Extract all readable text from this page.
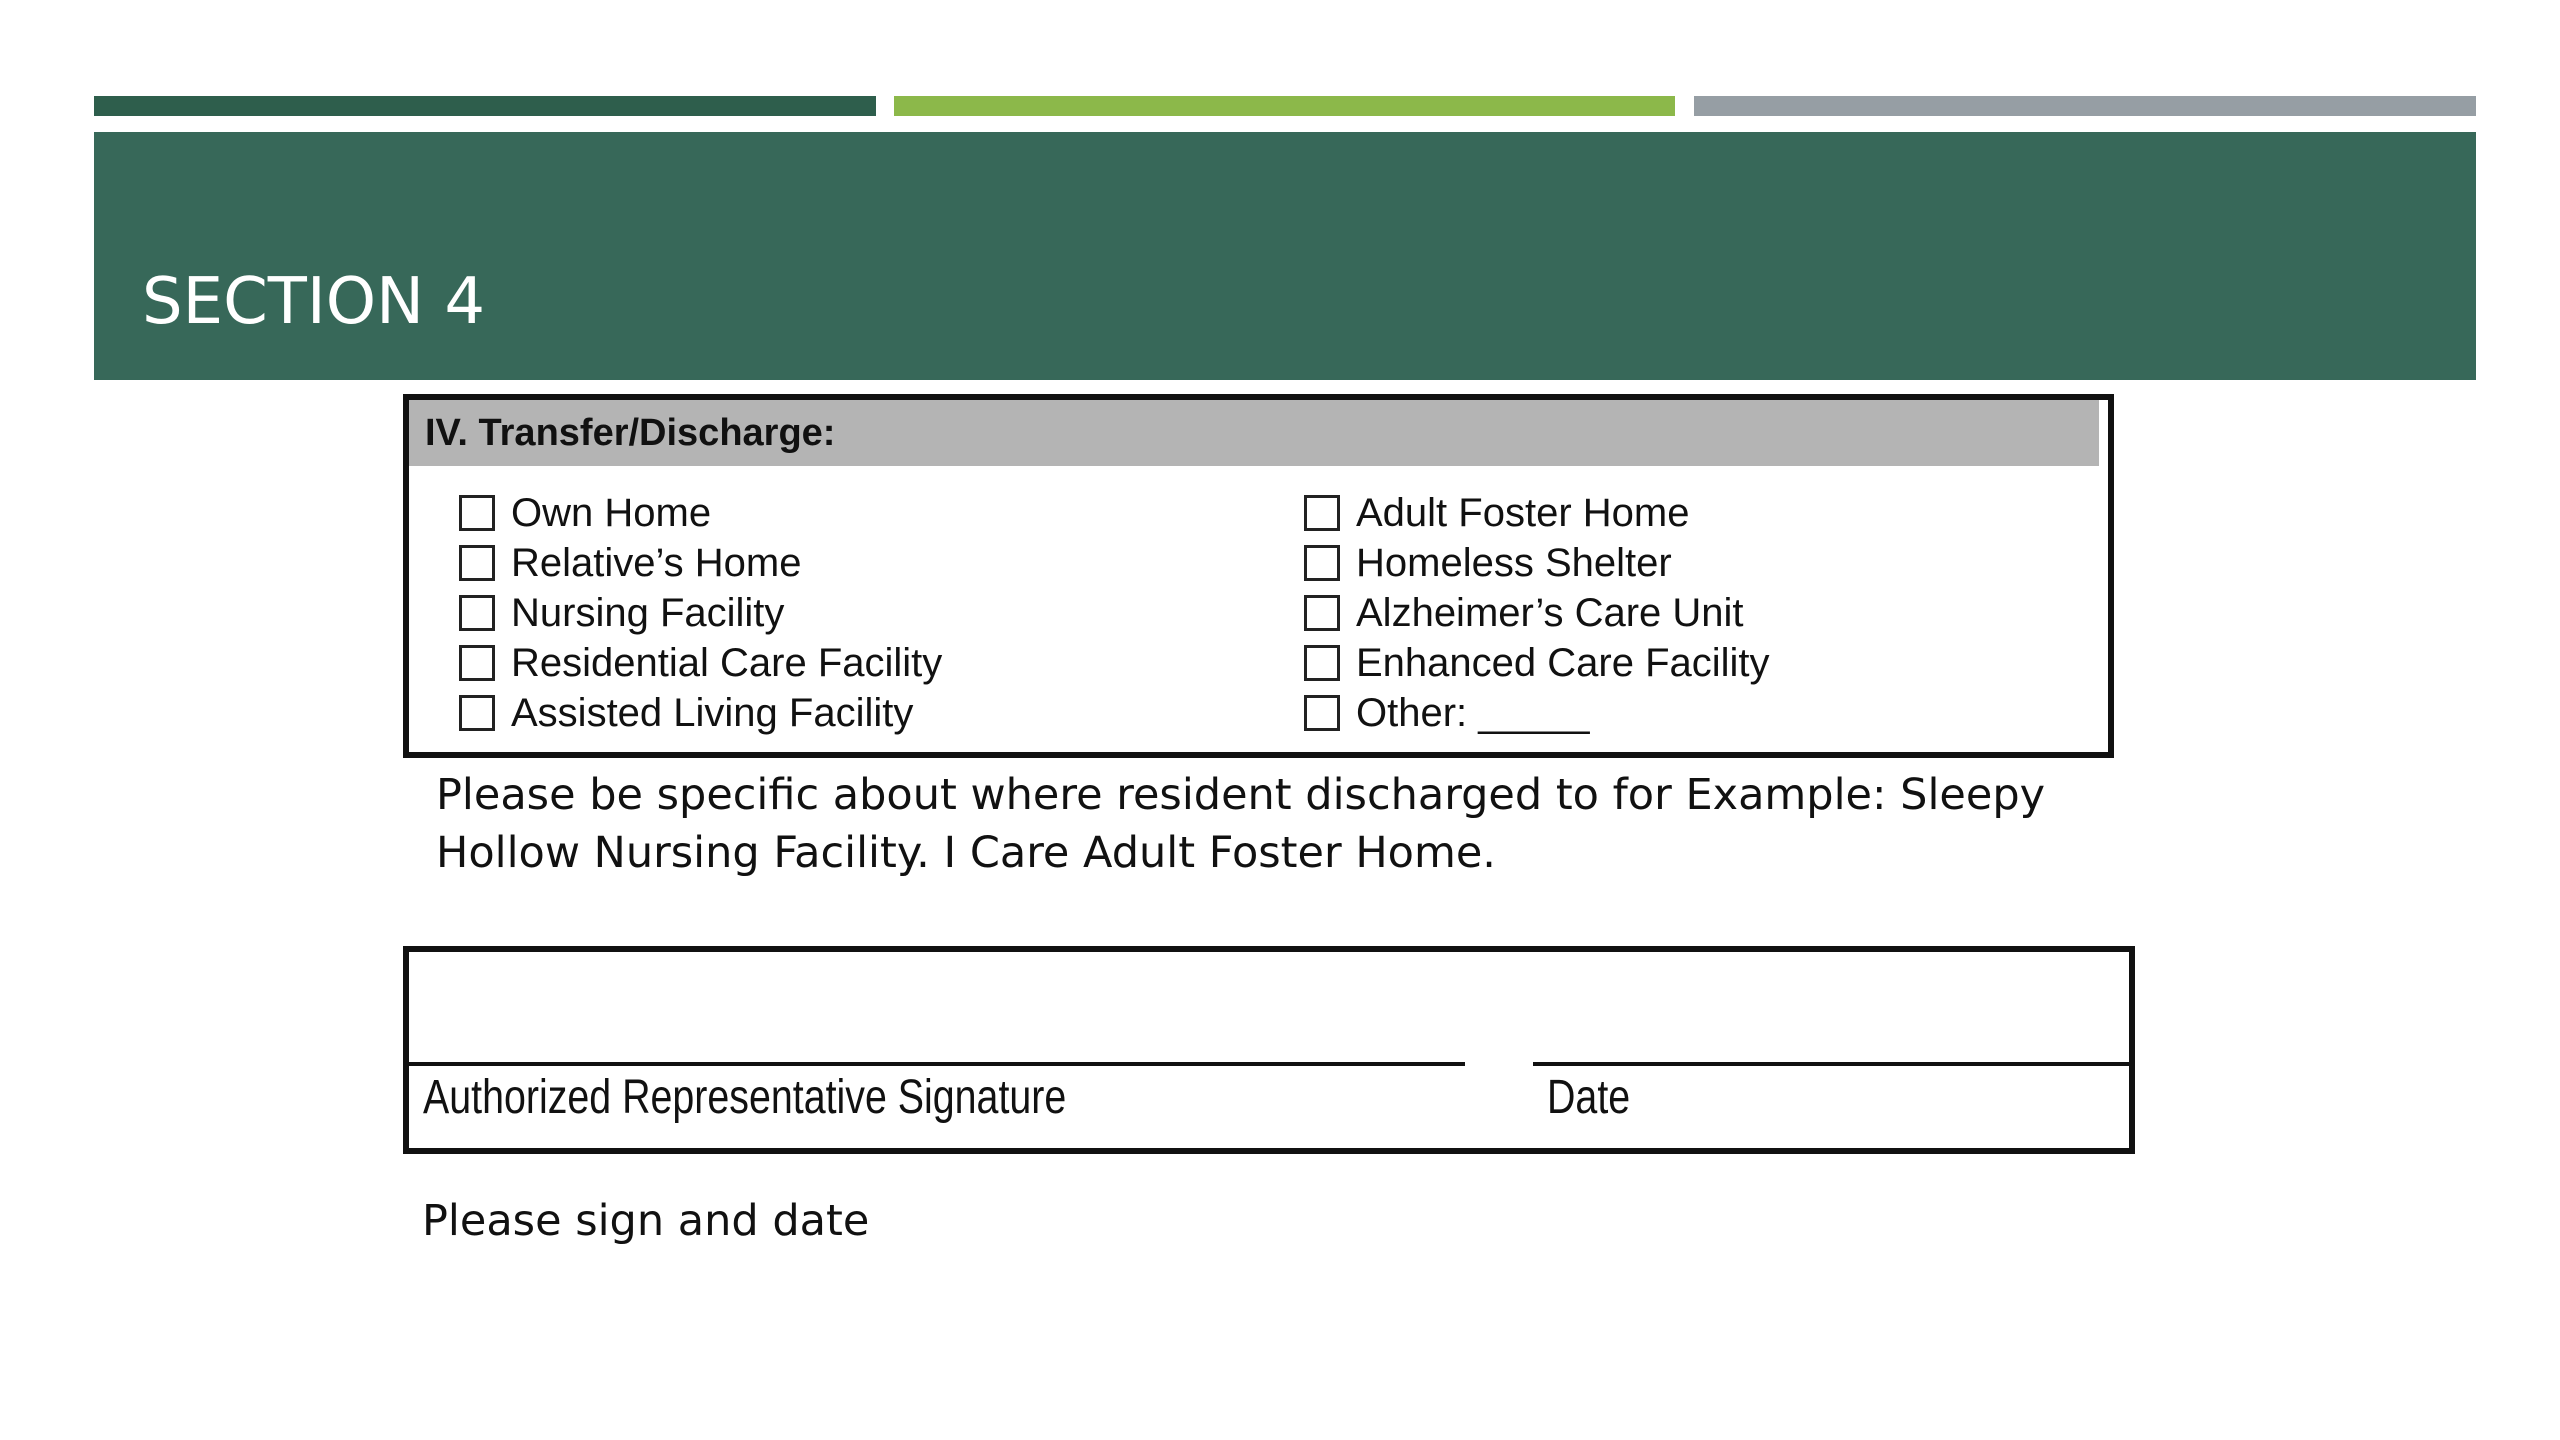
SECTION 4
IV. Transfer/Discharge:
Own Home
Relative’s Home
Nursing Facility
Residential Care Facility
Assisted Living Facility
Adult Foster Home
Homeless Shelter
Alzheimer’s Care Unit
Enhanced Care Facility
Other: _____

Please be specific about where resident discharged to for Example: Sleepy Hollow Nursing Facility. I Care Adult Foster Home.

Authorized Representative Signature	Date

Please sign and date
